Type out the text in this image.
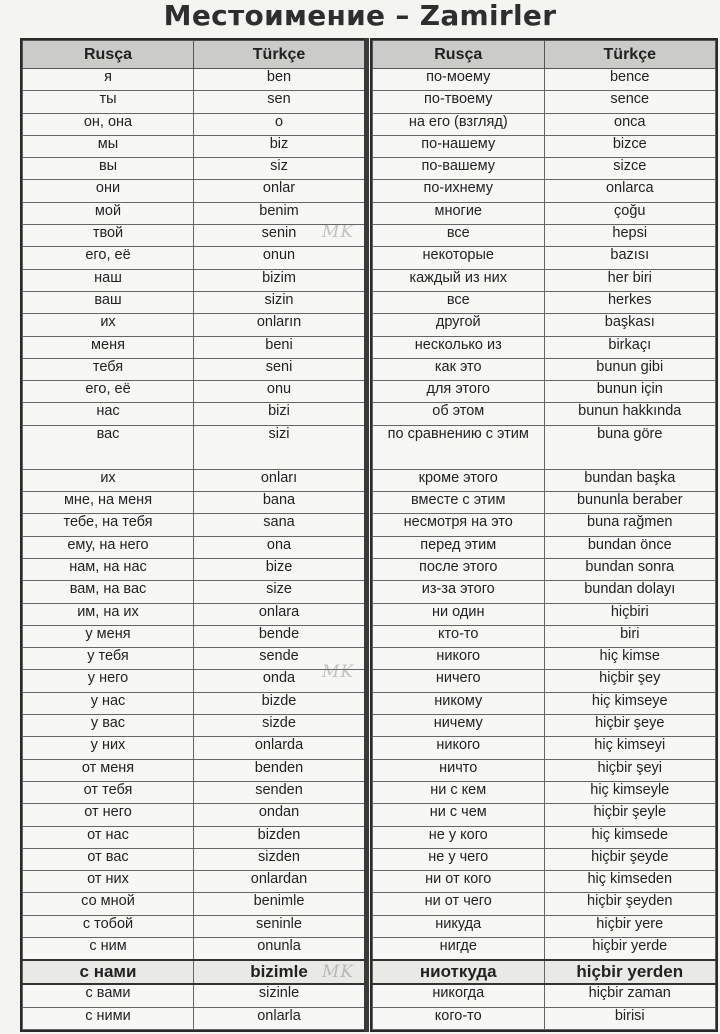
Местоимение – Zamirler
Rusça	Türkçe
я	ben
ты	sen
он, она	o
мы	biz
вы	siz
они	onlar
мой	benim
твой	senin
его, её	onun
наш	bizim
ваш	sizin
их	onların
меня	beni
тебя	seni
его, её	onu
нас	bizi
вас	sizi
их	onları
мне, на меня	bana
тебе, на тебя	sana
ему, на него	ona
нам, на нас	bize
вам, на вас	size
им, на их	onlara
у меня	bende
у тебя	sende
у него	onda
у нас	bizde
у вас	sizde
у них	onlarda
от меня	benden
от тебя	senden
от него	ondan
от нас	bizden
от вас	sizden
от них	onlardan
со мной	benimle
с тобой	seninle
с ним	onunla
с нами	bizimle
с вами	sizinle
с ними	onlarla
Rusça	Türkçe
по-моему	bence
по-твоему	sence
на его (взгляд)	onca
по-нашему	bizce
по-вашему	sizce
по-ихнему	onlarca
многие	çoğu
все	hepsi
некоторые	bazısı
каждый из них	her biri
все	herkes
другой	başkası
несколько из	birkaçı
как это	bunun gibi
для этого	bunun için
об этом	bunun hakkında
по сравнению с этим	buna göre
кроме этого	bundan başka
вместе с этим	bununla beraber
несмотря на это	buna rağmen
перед этим	bundan önce
после этого	bundan sonra
из-за этого	bundan dolayı
ни один	hiçbiri
кто-то	biri
никого	hiç kimse
ничего	hiçbir şey
никому	hiç kimseye
ничему	hiçbir şeye
никого	hiç kimseyi
ничто	hiçbir şeyi
ни с кем	hiç kimseyle
ни с чем	hiçbir şeyle
не у кого	hiç kimsede
не у чего	hiçbir şeyde
ни от кого	hiç kimseden
ни от чего	hiçbir şeyden
никуда	hiçbir yere
нигде	hiçbir yerde
ниоткуда	hiçbir yerden
никогда	hiçbir zaman
кого-то	birisi
MK
MK
MK
